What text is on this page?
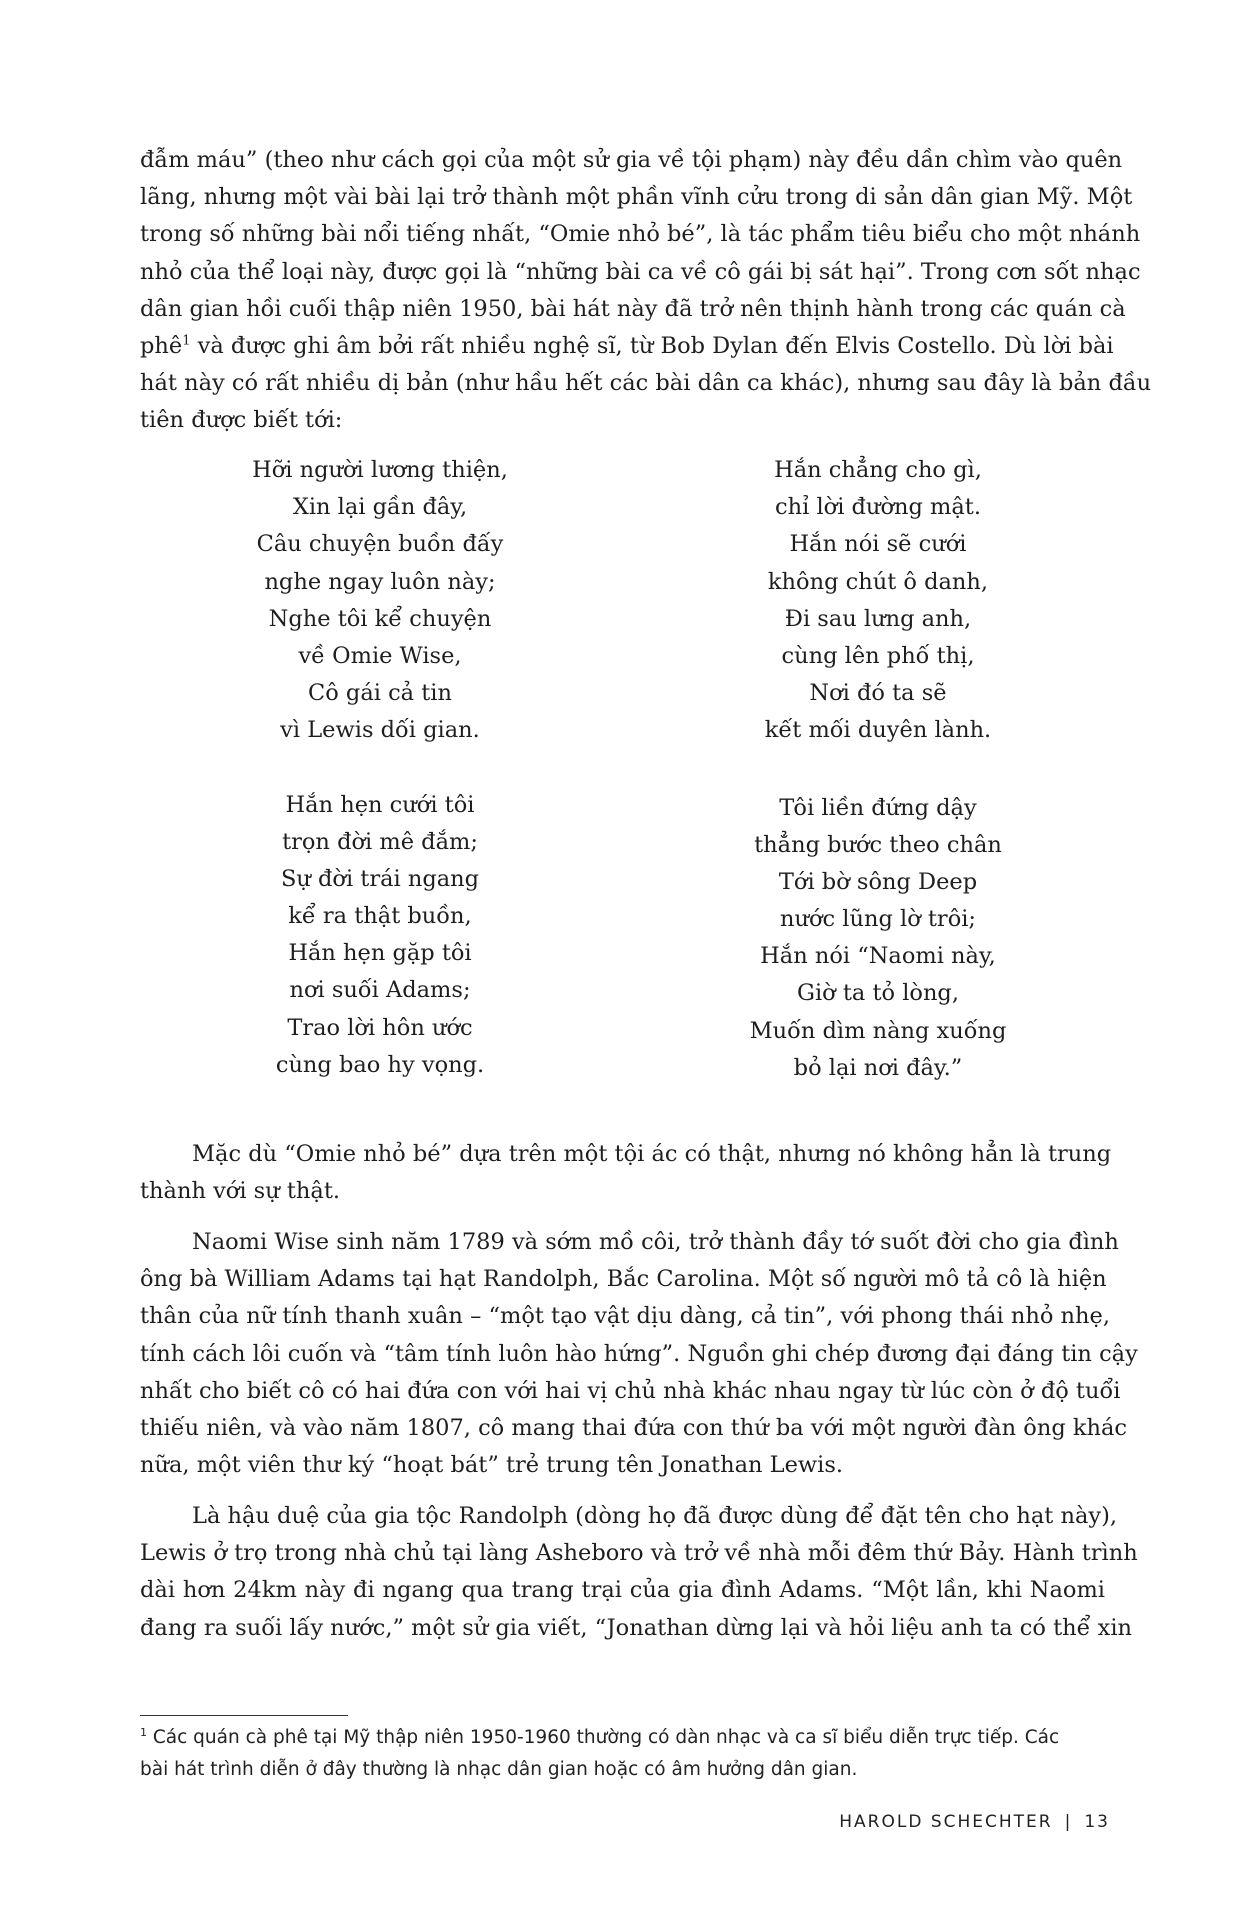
đẫm máu” (theo như cách gọi của một sử gia về tội phạm) này đều dần chìm vào quên
lãng, nhưng một vài bài lại trở thành một phần vĩnh cửu trong di sản dân gian Mỹ. Một
trong số những bài nổi tiếng nhất, “Omie nhỏ bé”, là tác phẩm tiêu biểu cho một nhánh
nhỏ của thể loại này, được gọi là “những bài ca về cô gái bị sát hại”. Trong cơn sốt nhạc
dân gian hồi cuối thập niên 1950, bài hát này đã trở nên thịnh hành trong các quán cà
phê$^1$ và được ghi âm bởi rất nhiều nghệ sĩ, từ Bob Dylan đến Elvis Costello. Dù lời bài
hát này có rất nhiều dị bản (như hầu hết các bài dân ca khác), nhưng sau đây là bản đầu
tiên được biết tới:
Hỡi người lương thiện,
Xin lại gần đây,
Câu chuyện buồn đấy
nghe ngay luôn này;
Nghe tôi kể chuyện
về Omie Wise,
Cô gái cả tin
vì Lewis dối gian.
Hắn hẹn cưới tôi
trọn đời mê đắm;
Sự đời trái ngang
kể ra thật buồn,
Hắn hẹn gặp tôi
nơi suối Adams;
Trao lời hôn ước
cùng bao hy vọng.
Hắn chẳng cho gì,
chỉ lời đường mật.
Hắn nói sẽ cưới
không chút ô danh,
Đi sau lưng anh,
cùng lên phố thị,
Nơi đó ta sẽ
kết mối duyên lành.
Tôi liền đứng dậy
thẳng bước theo chân
Tới bờ sông Deep
nước lũng lờ trôi;
Hắn nói “Naomi này,
Giờ ta tỏ lòng,
Muốn dìm nàng xuống
bỏ lại nơi đây.”
Mặc dù “Omie nhỏ bé” dựa trên một tội ác có thật, nhưng nó không hẳn là trung
thành với sự thật.
Naomi Wise sinh năm 1789 và sớm mồ côi, trở thành đầy tớ suốt đời cho gia đình
ông bà William Adams tại hạt Randolph, Bắc Carolina. Một số người mô tả cô là hiện
thân của nữ tính thanh xuân – “một tạo vật dịu dàng, cả tin”, với phong thái nhỏ nhẹ,
tính cách lôi cuốn và “tâm tính luôn hào hứng”. Nguồn ghi chép đương đại đáng tin cậy
nhất cho biết cô có hai đứa con với hai vị chủ nhà khác nhau ngay từ lúc còn ở độ tuổi
thiếu niên, và vào năm 1807, cô mang thai đứa con thứ ba với một người đàn ông khác
nữa, một viên thư ký “hoạt bát” trẻ trung tên Jonathan Lewis.
Là hậu duệ của gia tộc Randolph (dòng họ đã được dùng để đặt tên cho hạt này),
Lewis ở trọ trong nhà chủ tại làng Asheboro và trở về nhà mỗi đêm thứ Bảy. Hành trình
dài hơn 24km này đi ngang qua trang trại của gia đình Adams. “Một lần, khi Naomi
đang ra suối lấy nước,” một sử gia viết, “Jonathan dừng lại và hỏi liệu anh ta có thể xin
$^1$ Các quán cà phê tại Mỹ thập niên 1950-1960 thường có dàn nhạc và ca sĩ biểu diễn trực tiếp. Các
bài hát trình diễn ở đây thường là nhạc dân gian hoặc có âm hưởng dân gian.
HAROLD SCHECHTER | 13
